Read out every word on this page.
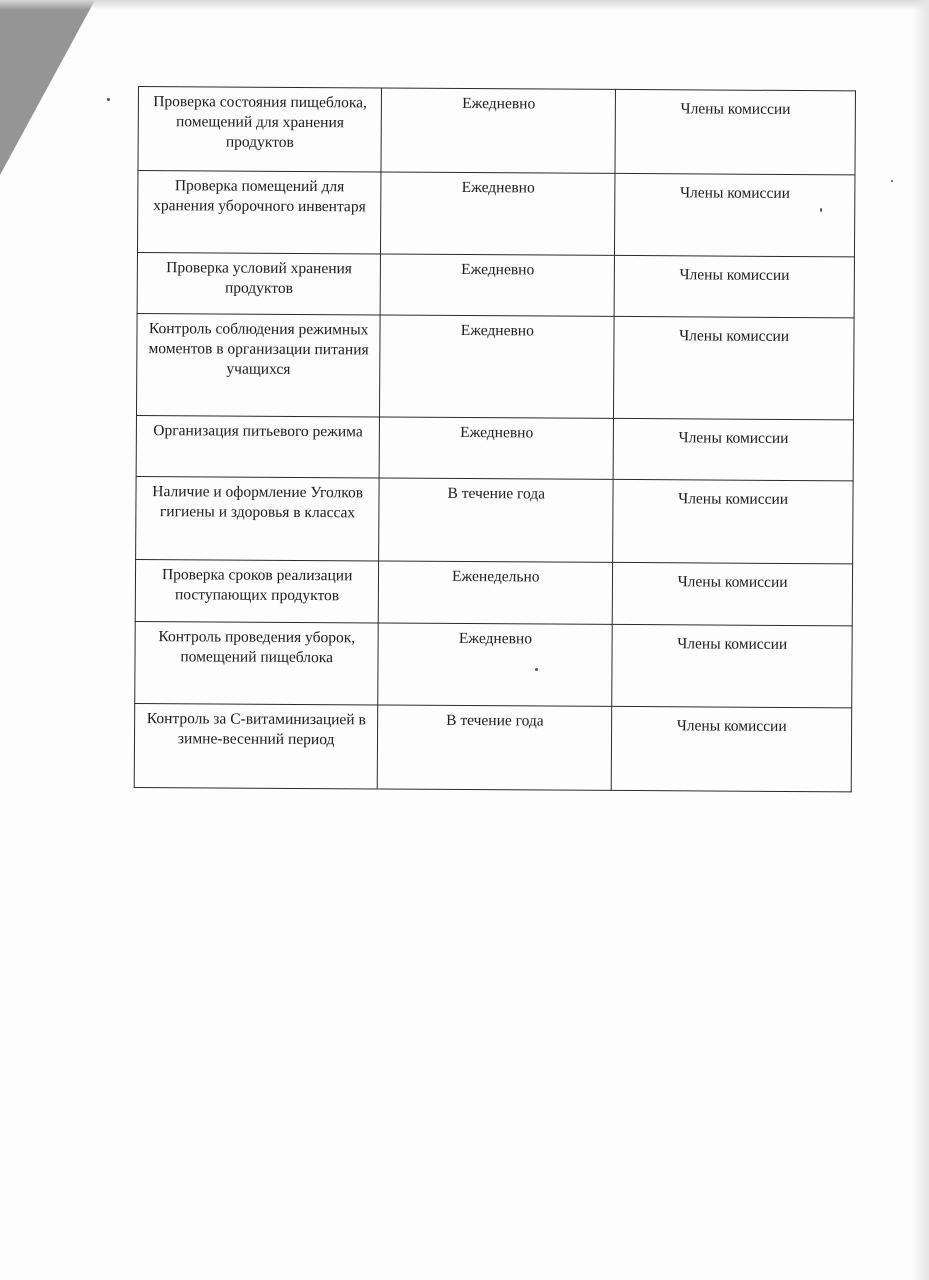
Проверка состояния пищеблока, помещений для хранения продуктов	Ежедневно	Члены комиссии
Проверка помещений для хранения уборочного инвентаря	Ежедневно	Члены комиссии
Проверка условий хранения продуктов	Ежедневно	Члены комиссии
Контроль соблюдения режимных моментов в организации питания учащихся	Ежедневно	Члены комиссии
Организация питьевого режима	Ежедневно	Члены комиссии
Наличие и оформление Уголков гигиены и здоровья в классах	В течение года	Члены комиссии
Проверка сроков реализации поступающих продуктов	Еженедельно	Члены комиссии
Контроль проведения уборок, помещений пищеблока	Ежедневно	Члены комиссии
Контроль за С-витаминизацией в зимне-весенний период	В течение года	Члены комиссии
